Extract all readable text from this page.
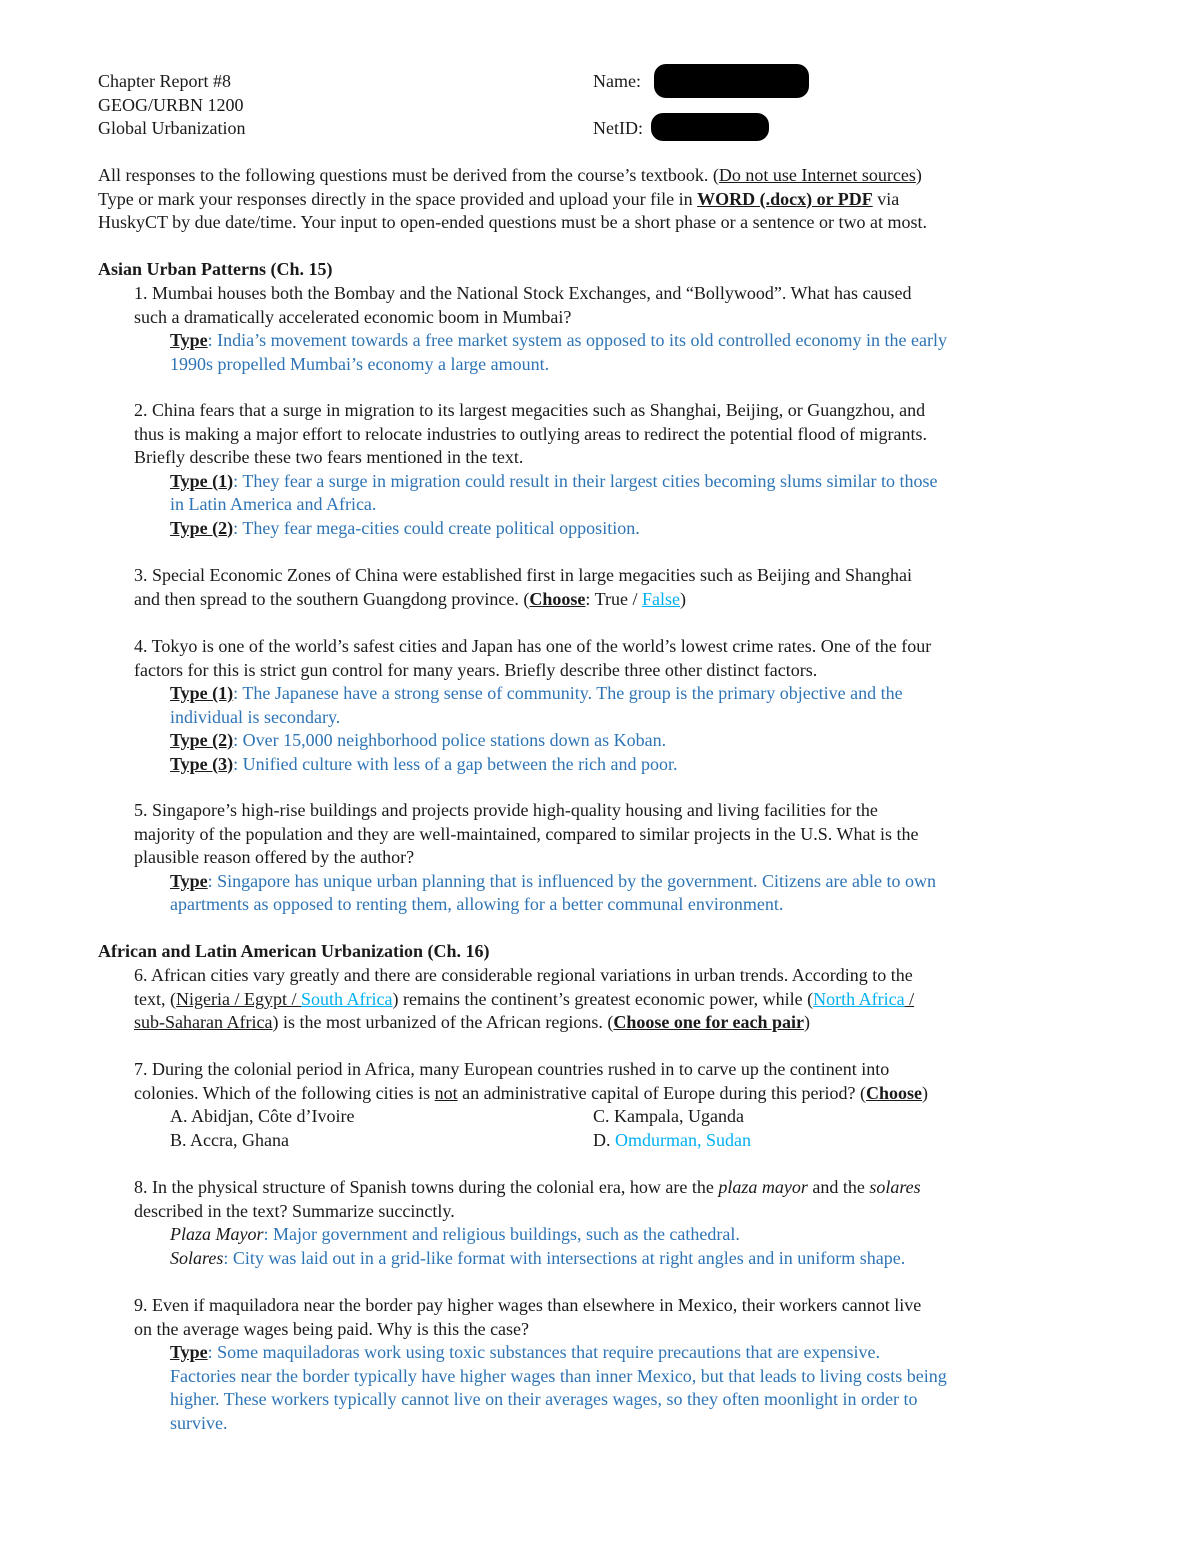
Chapter Report #8
GEOG/URBN 1200
Global Urbanization
Name:
NetID:

All responses to the following questions must be derived from the course’s textbook. (Do not use Internet sources)

Type or mark your responses directly in the space provided and upload your file in WORD (.docx) or PDF via

HuskyCT by due date/time. Your input to open-ended questions must be a short phase or a sentence or two at most.

Asian Urban Patterns (Ch. 15)

1. Mumbai houses both the Bombay and the National Stock Exchanges, and “Bollywood”. What has caused

such a dramatically accelerated economic boom in Mumbai?

Type: India’s movement towards a free market system as opposed to its old controlled economy in the early

1990s propelled Mumbai’s economy a large amount.

2. China fears that a surge in migration to its largest megacities such as Shanghai, Beijing, or Guangzhou, and

thus is making a major effort to relocate industries to outlying areas to redirect the potential flood of migrants.

Briefly describe these two fears mentioned in the text.

Type (1): They fear a surge in migration could result in their largest cities becoming slums similar to those

in Latin America and Africa.

Type (2): They fear mega-cities could create political opposition.

3. Special Economic Zones of China were established first in large megacities such as Beijing and Shanghai

and then spread to the southern Guangdong province. (Choose: True / False)

4. Tokyo is one of the world’s safest cities and Japan has one of the world’s lowest crime rates. One of the four

factors for this is strict gun control for many years. Briefly describe three other distinct factors.

Type (1): The Japanese have a strong sense of community. The group is the primary objective and the

individual is secondary.

Type (2): Over 15,000 neighborhood police stations down as Koban.

Type (3): Unified culture with less of a gap between the rich and poor.

5. Singapore’s high-rise buildings and projects provide high-quality housing and living facilities for the

majority of the population and they are well-maintained, compared to similar projects in the U.S. What is the

plausible reason offered by the author?

Type: Singapore has unique urban planning that is influenced by the government. Citizens are able to own

apartments as opposed to renting them, allowing for a better communal environment.

African and Latin American Urbanization (Ch. 16)

6. African cities vary greatly and there are considerable regional variations in urban trends. According to the

text, (Nigeria / Egypt / South Africa) remains the continent’s greatest economic power, while (North Africa /

sub-Saharan Africa) is the most urbanized of the African regions. (Choose one for each pair)

7. During the colonial period in Africa, many European countries rushed in to carve up the continent into

colonies. Which of the following cities is not an administrative capital of Europe during this period? (Choose)

A. Abidjan, Côte d’Ivoire
B. Accra, Ghana
C. Kampala, Uganda
D. Omdurman, Sudan

8. In the physical structure of Spanish towns during the colonial era, how are the plaza mayor and the solares

described in the text? Summarize succinctly.

Plaza Mayor: Major government and religious buildings, such as the cathedral.

Solares: City was laid out in a grid-like format with intersections at right angles and in uniform shape.

9. Even if maquiladora near the border pay higher wages than elsewhere in Mexico, their workers cannot live

on the average wages being paid. Why is this the case?

Type: Some maquiladoras work using toxic substances that require precautions that are expensive.

Factories near the border typically have higher wages than inner Mexico, but that leads to living costs being

higher. These workers typically cannot live on their averages wages, so they often moonlight in order to

survive.
